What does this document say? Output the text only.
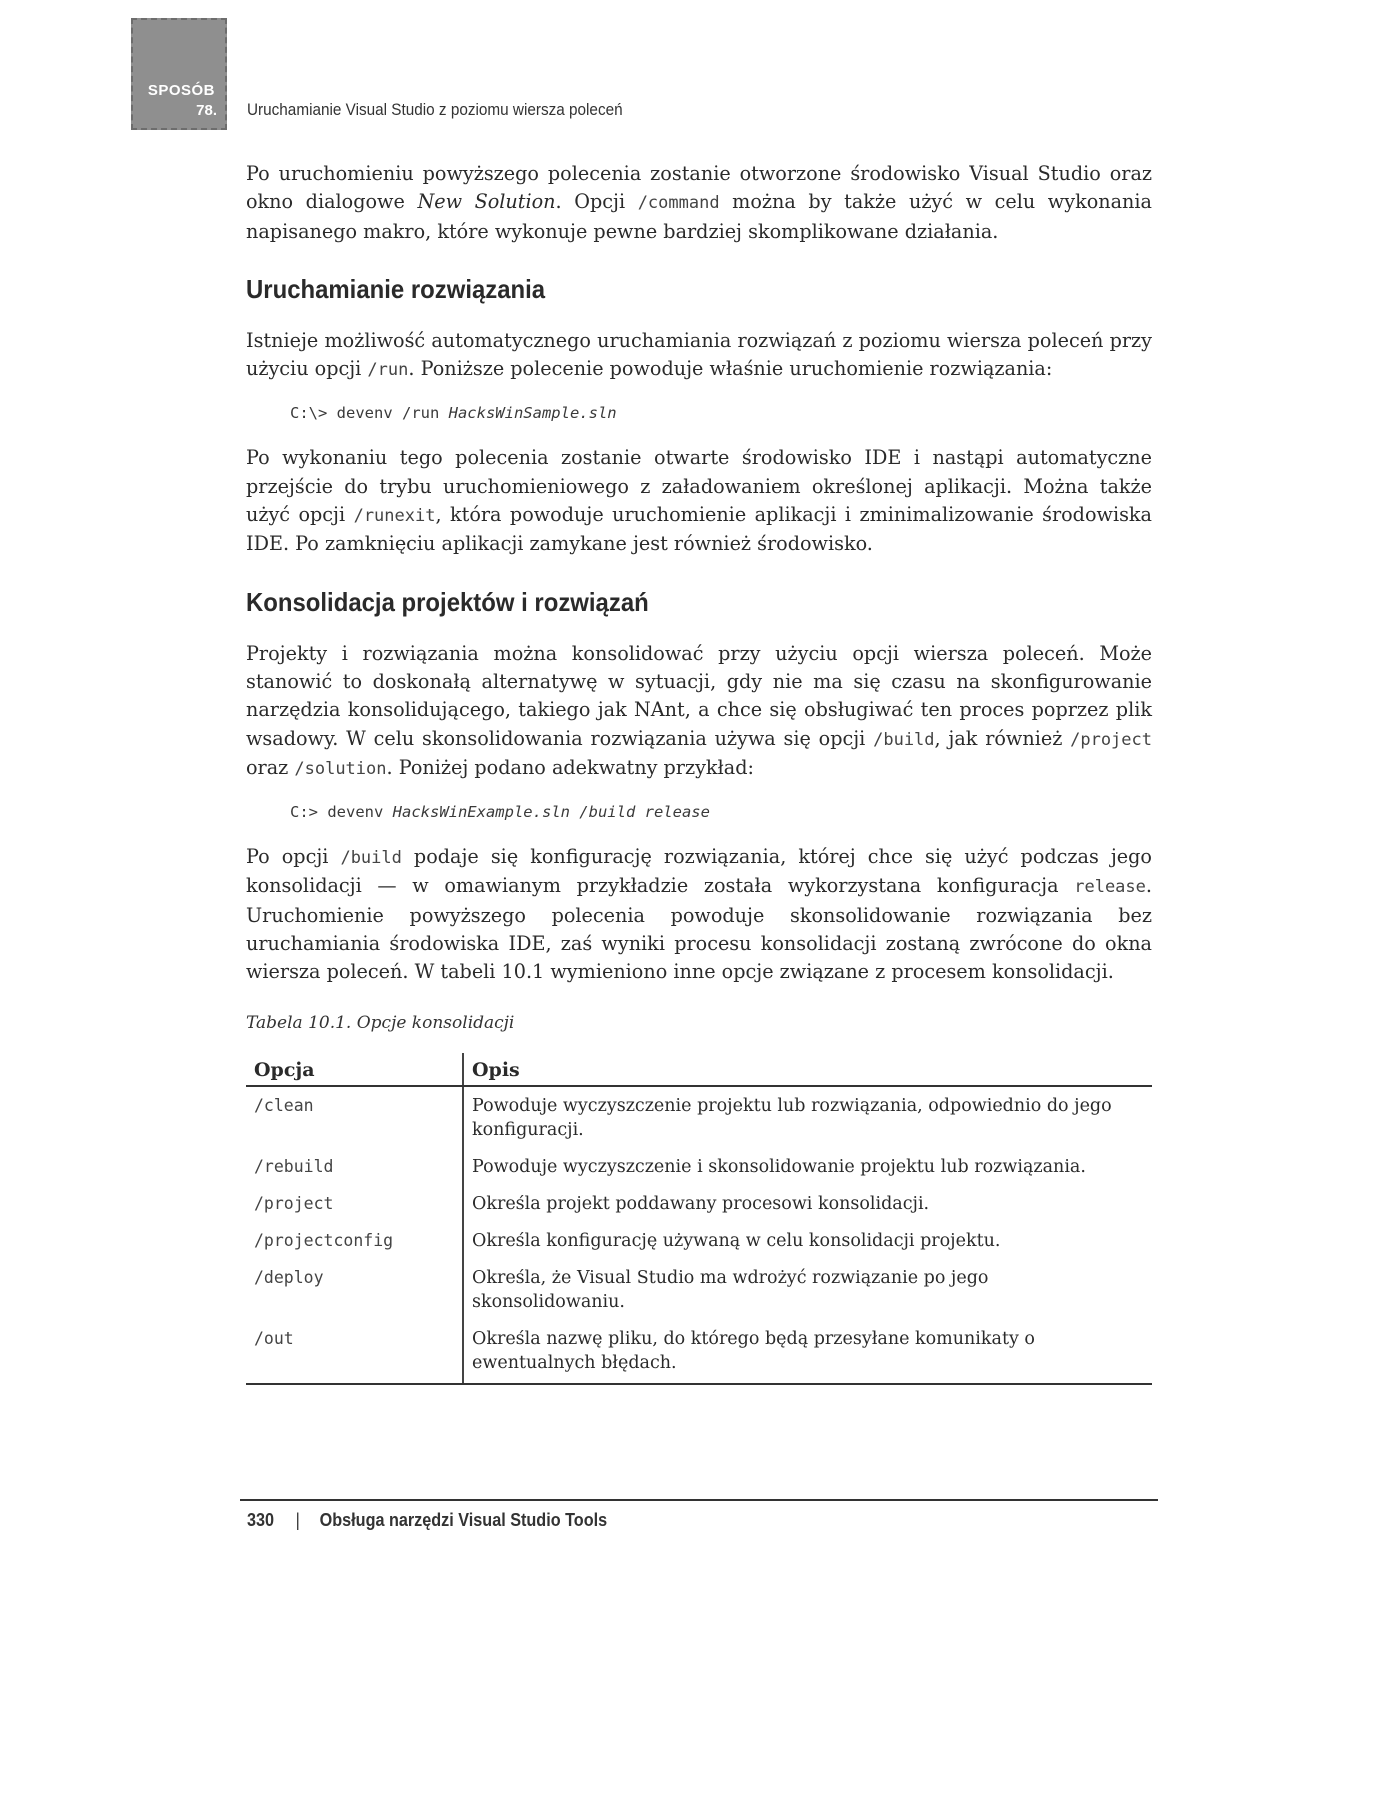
SPOSÓB
78. Uruchamianie Visual Studio z poziomu wiersza poleceń

Po uruchomieniu powyższego polecenia zostanie otworzone środowisko Visual Studio oraz okno dialogowe New Solution. Opcji /command można by także użyć w celu wykonania napisanego makro, które wykonuje pewne bardziej skomplikowane działania.

Uruchamianie rozwiązania

Istnieje możliwość automatycznego uruchamiania rozwiązań z poziomu wiersza poleceń przy użyciu opcji /run. Poniższe polecenie powoduje właśnie uruchomienie rozwiązania:

C:\> devenv /run HacksWinSample.sln

Po wykonaniu tego polecenia zostanie otwarte środowisko IDE i nastąpi automatyczne przejście do trybu uruchomieniowego z załadowaniem określonej aplikacji. Można także użyć opcji /runexit, która powoduje uruchomienie aplikacji i zminimalizowanie środowiska IDE. Po zamknięciu aplikacji zamykane jest również środowisko.

Konsolidacja projektów i rozwiązań

Projekty i rozwiązania można konsolidować przy użyciu opcji wiersza poleceń. Może stanowić to doskonałą alternatywę w sytuacji, gdy nie ma się czasu na skonfigurowanie narzędzia konsolidującego, takiego jak NAnt, a chce się obsługiwać ten proces poprzez plik wsadowy. W celu skonsolidowania rozwiązania używa się opcji /build, jak również /project oraz /solution. Poniżej podano adekwatny przykład:

C:> devenv HacksWinExample.sln /build release

Po opcji /build podaje się konfigurację rozwiązania, której chce się użyć podczas jego konsolidacji — w omawianym przykładzie została wykorzystana konfiguracja release. Uruchomienie powyższego polecenia powoduje skonsolidowanie rozwiązania bez uruchamiania środowiska IDE, zaś wyniki procesu konsolidacji zostaną zwrócone do okna wiersza poleceń. W tabeli 10.1 wymieniono inne opcje związane z procesem konsolidacji.

Tabela 10.1. Opcje konsolidacji
Opcja	Opis
/clean	Powoduje wyczyszczenie projektu lub rozwiązania, odpowiednio do jego konfiguracji.
/rebuild	Powoduje wyczyszczenie i skonsolidowanie projektu lub rozwiązania.
/project	Określa projekt poddawany procesowi konsolidacji.
/projectconfig	Określa konfigurację używaną w celu konsolidacji projektu.
/deploy	Określa, że Visual Studio ma wdrożyć rozwiązanie po jego skonsolidowaniu.
/out	Określa nazwę pliku, do którego będą przesyłane komunikaty o ewentualnych błędach.
330 | Obsługa narzędzi Visual Studio Tools
